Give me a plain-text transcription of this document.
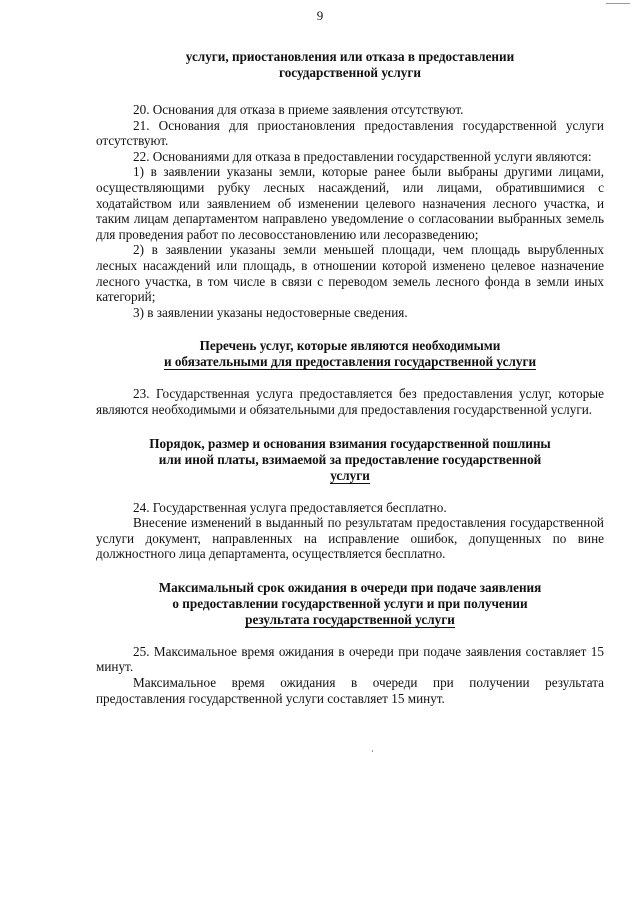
9
услуги, приостановления или отказа в предоставлении
государственной услуги

20. Основания для отказа в приеме заявления отсутствуют.

21. Основания для приостановления предоставления государственной услуги отсутствуют.

22. Основаниями для отказа в предоставлении государственной услуги являются:

1) в заявлении указаны земли, которые ранее были выбраны другими лицами, осуществляющими рубку лесных насаждений, или лицами, обратившимися с ходатайством или заявлением об изменении целевого назначения лесного участка, и таким лицам департаментом направлено уведомление о согласовании выбранных земель для проведения работ по лесовосстановлению или лесоразведению;

2) в заявлении указаны земли меньшей площади, чем площадь вырубленных лесных насаждений или площадь, в отношении которой изменено целевое назначение лесного участка, в том числе в связи с переводом земель лесного фонда в земли иных категорий;

3) в заявлении указаны недостоверные сведения.

Перечень услуг, которые являются необходимыми
и обязательными для предоставления государственной услуги

23. Государственная услуга предоставляется без предоставления услуг, которые являются необходимыми и обязательными для предоставления государственной услуги.

Порядок, размер и основания взимания государственной пошлины
или иной платы, взимаемой за предоставление государственной
услуги

24. Государственная услуга предоставляется бесплатно.

Внесение изменений в выданный по результатам предоставления государственной услуги документ, направленных на исправление ошибок, допущенных по вине должностного лица департамента, осуществляется бесплатно.

Максимальный срок ожидания в очереди при подаче заявления
о предоставлении государственной услуги и при получении
результата государственной услуги

25. Максимальное время ожидания в очереди при подаче заявления составляет 15 минут.

Максимальное время ожидания в очереди при получении результата предоставления государственной услуги составляет 15 минут.
